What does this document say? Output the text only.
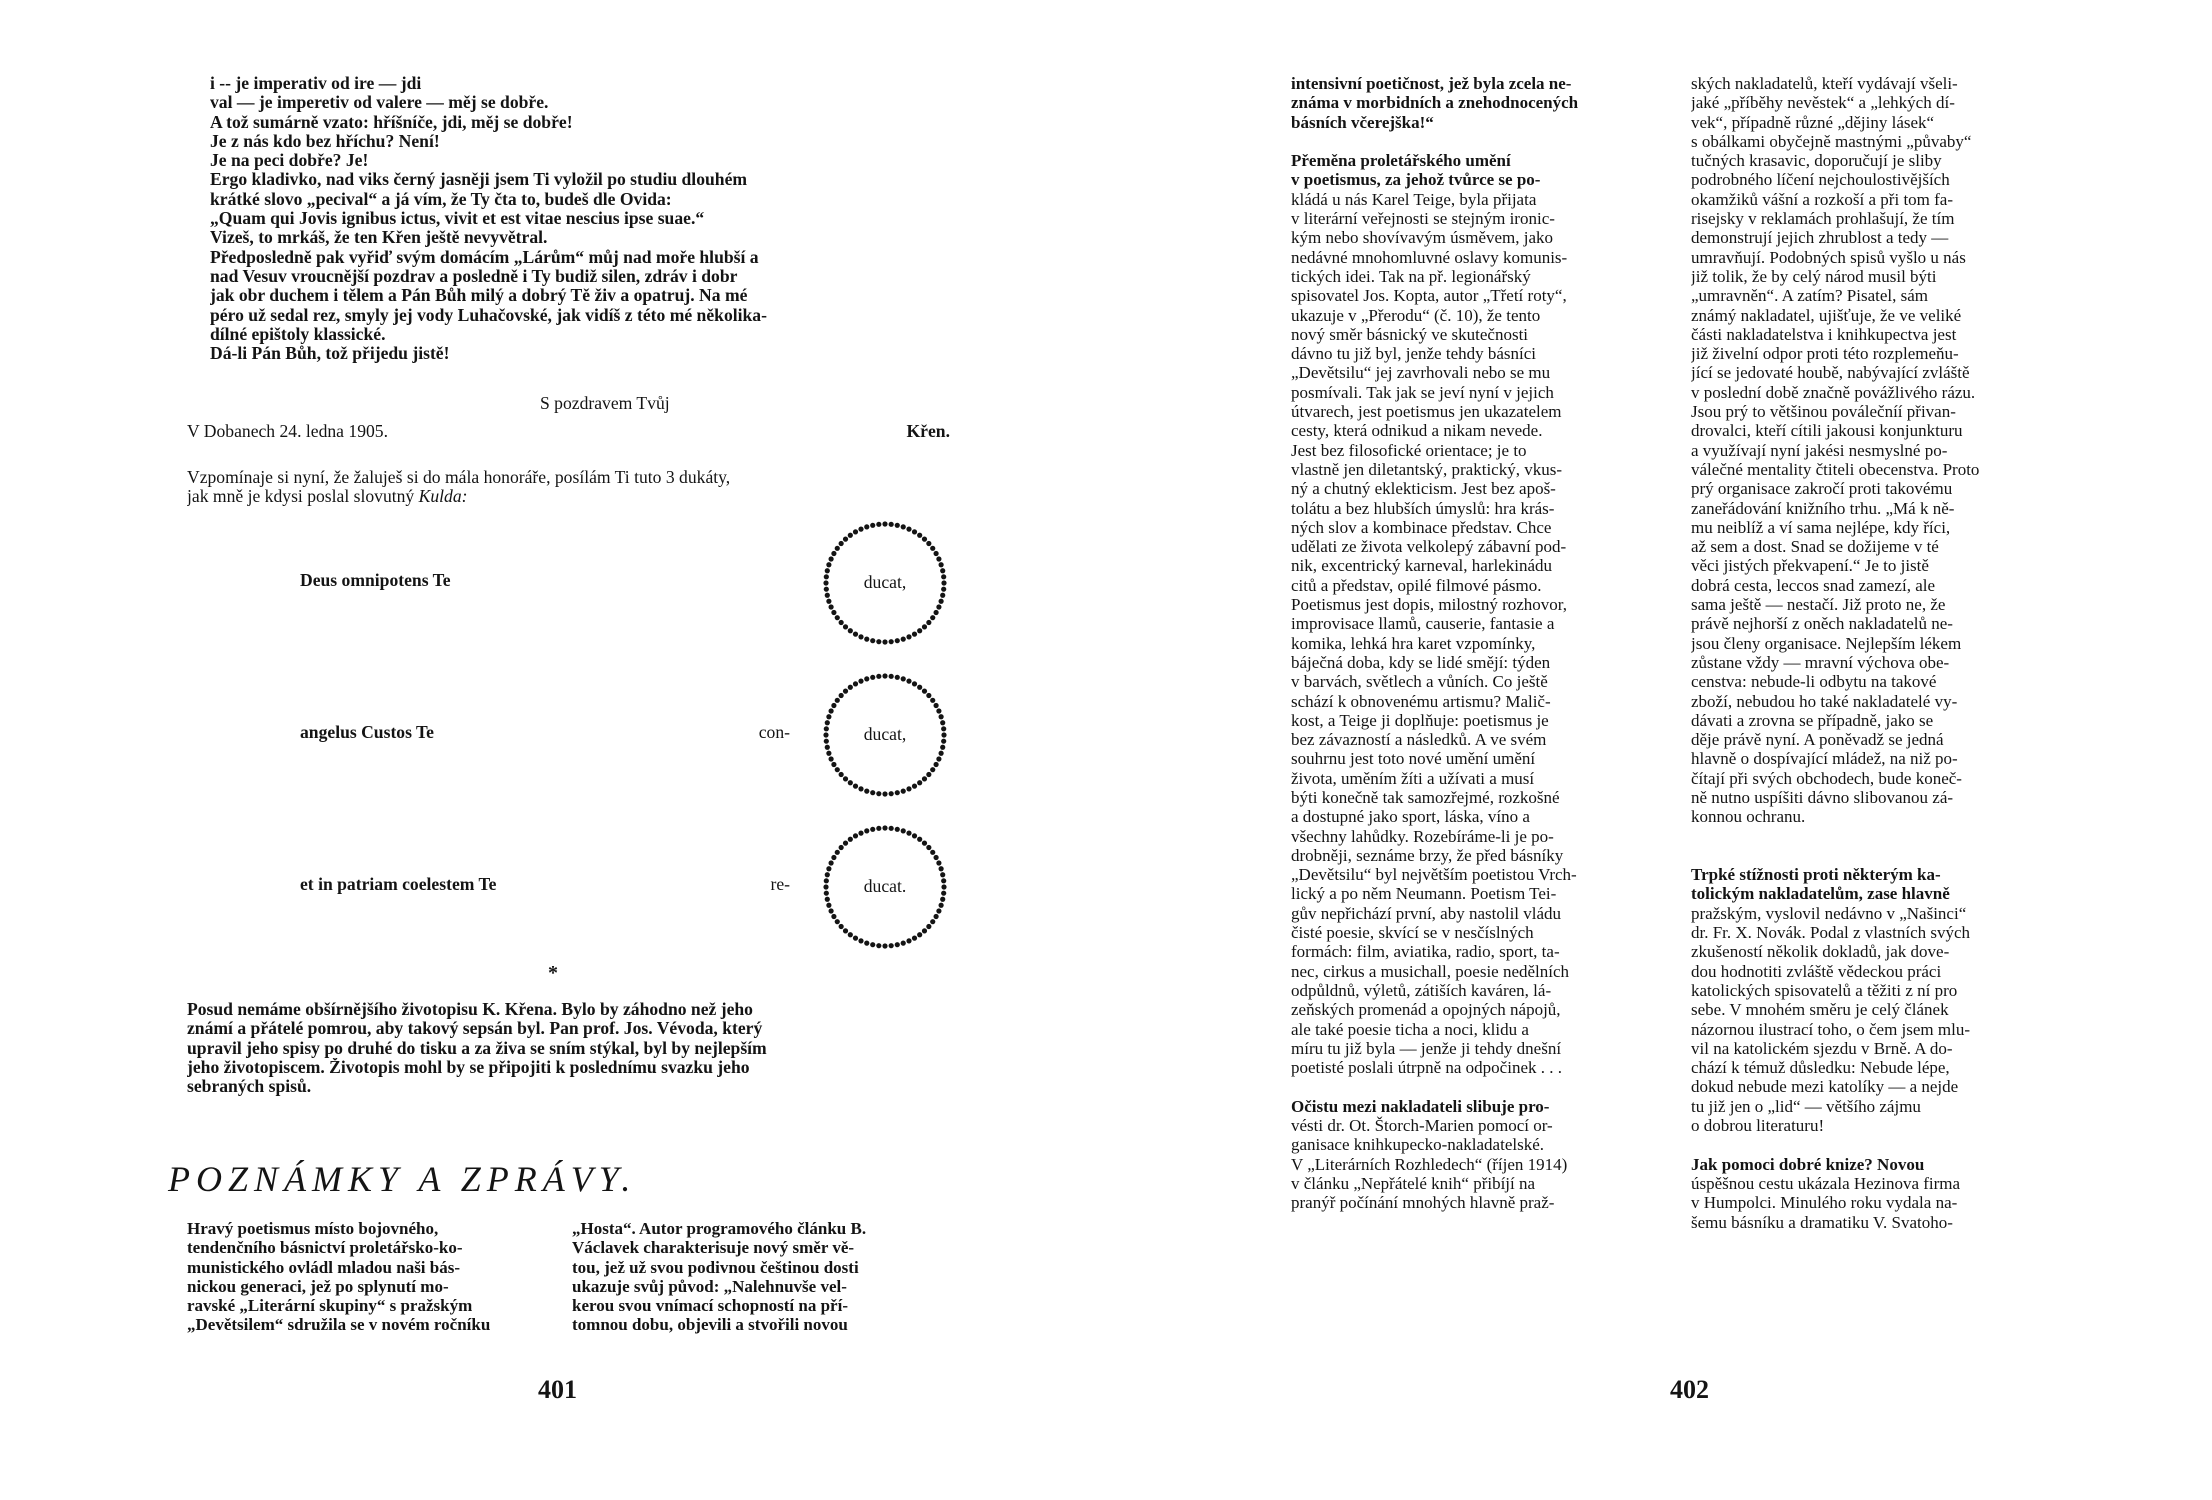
i -- je imperativ od ire — jdi
val — je imperetiv od valere — měj se dobře.
A tož sumárně vzato: hříšníče, jdi, měj se dobře!
Je z nás kdo bez hříchu? Není!
Je na peci dobře? Je!
Ergo kladivko, nad viks černý jasněji jsem Ti vyložil po studiu dlouhém
krátké slovo „pecival“ a já vím, že Ty čta to, budeš dle Ovida:
„Quam qui Jovis ignibus ictus, vivit et est vitae nescius ipse suae.“
Vizeš, to mrkáš, že ten Křen ještě nevyvětral.
Předposledně pak vyřiď svým domácím „Lárům“ můj nad moře hlubší a
nad Vesuv vroucnější pozdrav a posledně i Ty budiž silen, zdráv i dobr
jak obr duchem i tělem a Pán Bůh milý a dobrý Tě živ a opatruj. Na mé
péro už sedal rez, smyly jej vody Luhačovské, jak vidíš z této mé několika-
dílné epištoly klassické.
Dá-li Pán Bůh, tož přijedu jistě!
S pozdravem Tvůj
V Dobanech 24. ledna 1905.	Křen.
Vzpomínaje si nyní, že žaluješ si do mála honoráře, posílám Ti tuto 3 dukáty,
jak mně je kdysi poslal slovutný Kulda:
Deus omnipotens Te	ducat,
angelus Custos Te	con-	ducat,
et in patriam coelestem Te	re-	ducat.
*
Posud nemáme obšírnějšího životopisu K. Křena. Bylo by záhodno než jeho
známí a přátelé pomrou, aby takový sepsán byl. Pan prof. Jos. Vévoda, který
upravil jeho spisy po druhé do tisku a za živa se sním stýkal, byl by nejlepším
jeho životopiscem. Životopis mohl by se připojiti k poslednímu svazku jeho
sebraných spisů.
POZNÁMKY A ZPRÁVY.
Hravý poetismus místo bojovného,
tendenčního básnictví proletářsko-ko-
munistického ovládl mladou naši bás-
nickou generaci, jež po splynutí mo-
ravské „Literární skupiny“ s pražským
„Devětsilem“ sdružila se v novém ročníku
„Hosta“. Autor programového článku B.
Václavek charakterisuje nový směr vě-
tou, jež už svou podivnou češtinou dosti
ukazuje svůj původ: „Nalehnuvše vel-
kerou svou vnímací schopností na pří-
tomnou dobu, objevili a stvořili novou
401
intensivní poetičnost, jež byla zcela ne-
známa v morbidních a znehodnocených
básních včerejška!“
Přeměna proletářského umění
v poetismus, za jehož tvůrce se po-
kládá u nás Karel Teige, byla přijata
v literární veřejnosti se stejným ironic-
kým nebo shovívavým úsměvem, jako
nedávné mnohomluvné oslavy komunis-
tických idei. Tak na př. legionářský
spisovatel Jos. Kopta, autor „Třetí roty“,
ukazuje v „Přerodu“ (č. 10), že tento
nový směr básnický ve skutečnosti
dávno tu již byl, jenže tehdy básníci
„Devětsilu“ jej zavrhovali nebo se mu
posmívali. Tak jak se jeví nyní v jejich
útvarech, jest poetismus jen ukazatelem
cesty, která odnikud a nikam nevede.
Jest bez filosofické orientace; je to
vlastně jen diletantský, praktický, vkus-
ný a chutný eklekticism. Jest bez apoš-
tolátu a bez hlubších úmyslů: hra krás-
ných slov a kombinace představ. Chce
udělati ze života velkolepý zábavní pod-
nik, excentrický karneval, harlekinádu
citů a představ, opilé filmové pásmo.
Poetismus jest dopis, milostný rozhovor,
improvisace llamů, causerie, fantasie a
komika, lehká hra karet vzpomínky,
báječná doba, kdy se lidé smějí: týden
v barvách, světlech a vůních. Co ještě
schází k obnovenému artismu? Malič-
kost, a Teige ji doplňuje: poetismus je
bez závazností a následků. A ve svém
souhrnu jest toto nové umění umění
života, uměním žíti a užívati a musí
býti konečně tak samozřejmé, rozkošné
a dostupné jako sport, láska, víno a
všechny lahůdky. Rozebíráme-li je po-
drobněji, seznáme brzy, že před básníky
„Devětsilu“ byl největším poetistou Vrch-
lický a po něm Neumann. Poetism Tei-
gův nepřichází první, aby nastolil vládu
čisté poesie, skvící se v nesčíslných
formách: film, aviatika, radio, sport, ta-
nec, cirkus a musichall, poesie nedělních
odpůldnů, výletů, zátiších kaváren, lá-
zeňských promenád a opojných nápojů,
ale také poesie ticha a noci, klidu a
míru tu již byla — jenže ji tehdy dnešní
poetisté poslali útrpně na odpočinek . . .
Očistu mezi nakladateli slibuje pro-
vésti dr. Ot. Štorch-Marien pomocí or-
ganisace knihkupecko-nakladatelské.
V „Literárních Rozhledech“ (říjen 1914)
v článku „Nepřátelé knih“ přibíjí na
pranýř počínání mnohých hlavně praž-
ských nakladatelů, kteří vydávají všeli-
jaké „příběhy nevěstek“ a „lehkých dí-
vek“, případně různé „dějiny lásek“
s obálkami obyčejně mastnými „půvaby“
tučných krasavic, doporučují je sliby
podrobného líčení nejchoulostivějších
okamžiků vášní a rozkoší a při tom fa-
risejsky v reklamách prohlašují, že tím
demonstrují jejich zhrublost a tedy —
umravňují. Podobných spisů vyšlo u nás
již tolik, že by celý národ musil býti
„umravněn“. A zatím? Pisatel, sám
známý nakladatel, ujišťuje, že ve veliké
části nakladatelstva i knihkupectva jest
již živelní odpor proti této rozplemeňu-
jící se jedovaté houbě, nabývající zvláště
v poslední době značně povážlivého rázu.
Jsou prý to většinou poválečníí přivan-
drovalci, kteří cítili jakousi konjunkturu
a využívají nyní jakési nesmyslné po-
válečné mentality čtiteli obecenstva. Proto
prý organisace zakročí proti takovému
zaneřádování knižního trhu. „Má k ně-
mu neiblíž a ví sama nejlépe, kdy říci,
až sem a dost. Snad se dožijeme v té
věci jistých překvapení.“ Je to jistě
dobrá cesta, leccos snad zamezí, ale
sama ještě — nestačí. Již proto ne, že
právě nejhorší z oněch nakladatelů ne-
jsou členy organisace. Nejlepším lékem
zůstane vždy — mravní výchova obe-
censtva: nebude-li odbytu na takové
zboží, nebudou ho také nakladatelé vy-
dávati a zrovna se případně, jako se
děje právě nyní. A poněvadž se jedná
hlavně o dospívající mládež, na niž po-
čítají při svých obchodech, bude koneč-
ně nutno uspíšiti dávno slibovanou zá-
konnou ochranu.
Trpké stížnosti proti některým ka-
tolickým nakladatelům, zase hlavně
pražským, vyslovil nedávno v „Našinci“
dr. Fr. X. Novák. Podal z vlastních svých
zkušeností několik dokladů, jak dove-
dou hodnotiti zvláště vědeckou práci
katolických spisovatelů a těžiti z ní pro
sebe. V mnohém směru je celý článek
názornou ilustrací toho, o čem jsem mlu-
vil na katolickém sjezdu v Brně. A do-
chází k témuž důsledku: Nebude lépe,
dokud nebude mezi katolíky — a nejde
tu již jen o „lid“ — většího zájmu
o dobrou literaturu!
Jak pomoci dobré knize? Novou
úspěšnou cestu ukázala Hezinova firma
v Humpolci. Minulého roku vydala na-
šemu básníku a dramatiku V. Svatoho-
402
